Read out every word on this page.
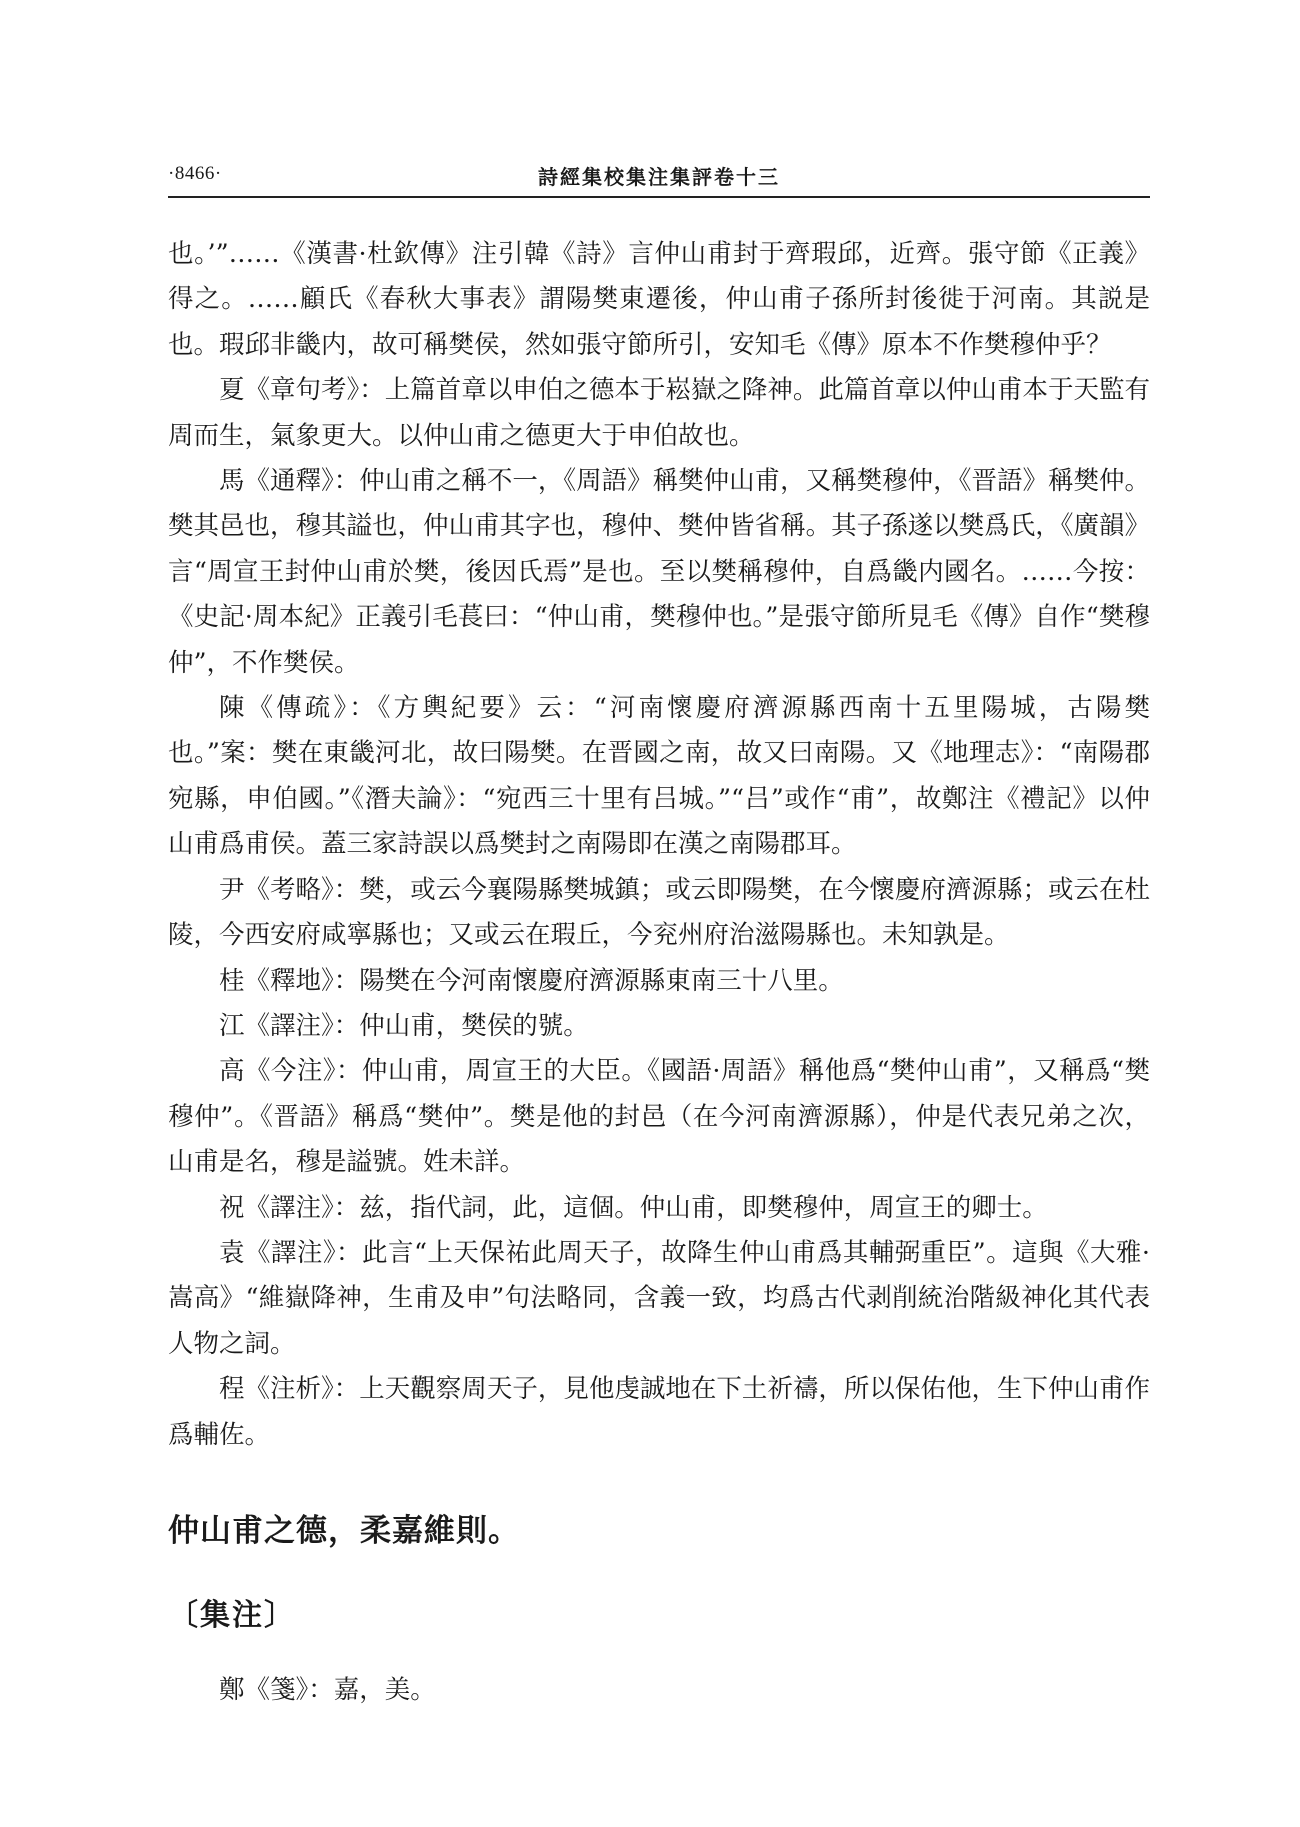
·8466·	詩經集校集注集評卷十三

也。’”……《漢書·杜欽傳》注引韓《詩》言仲山甫封于齊瑕邱，近齊。張守節《正義》得之。……顧氏《春秋大事表》謂陽樊東遷後，仲山甫子孫所封後徙于河南。其説是也。瑕邱非畿内，故可稱樊侯，然如張守節所引，安知毛《傳》原本不作樊穆仲乎？

夏《章句考》：上篇首章以申伯之德本于崧嶽之降神。此篇首章以仲山甫本于天監有周而生，氣象更大。以仲山甫之德更大于申伯故也。

馬《通釋》：仲山甫之稱不一，《周語》稱樊仲山甫，又稱樊穆仲，《晋語》稱樊仲。樊其邑也，穆其謚也，仲山甫其字也，穆仲、樊仲皆省稱。其子孫遂以樊爲氏，《廣韻》言“周宣王封仲山甫於樊，後因氏焉”是也。至以樊稱穆仲，自爲畿内國名。……今按：《史記·周本紀》正義引毛萇曰：“仲山甫，樊穆仲也。”是張守節所見毛《傳》自作“樊穆仲”，不作樊侯。

陳《傳疏》：《方輿紀要》云：“河南懷慶府濟源縣西南十五里陽城，古陽樊也。”案：樊在東畿河北，故曰陽樊。在晋國之南，故又曰南陽。又《地理志》：“南陽郡宛縣，申伯國。”《潛夫論》：“宛西三十里有吕城。”“吕”或作“甫”，故鄭注《禮記》以仲山甫爲甫侯。蓋三家詩誤以爲樊封之南陽即在漢之南陽郡耳。

尹《考略》：樊，或云今襄陽縣樊城鎮；或云即陽樊，在今懷慶府濟源縣；或云在杜陵，今西安府咸寧縣也；又或云在瑕丘，今兖州府治滋陽縣也。未知孰是。

桂《釋地》：陽樊在今河南懷慶府濟源縣東南三十八里。

江《譯注》：仲山甫，樊侯的號。

高《今注》：仲山甫，周宣王的大臣。《國語·周語》稱他爲“樊仲山甫”，又稱爲“樊穆仲”。《晋語》稱爲“樊仲”。樊是他的封邑（在今河南濟源縣），仲是代表兄弟之次，山甫是名，穆是謚號。姓未詳。

祝《譯注》：兹，指代詞，此，這個。仲山甫，即樊穆仲，周宣王的卿士。

袁《譯注》：此言“上天保祐此周天子，故降生仲山甫爲其輔弼重臣”。這與《大雅·嵩高》“維嶽降神，生甫及申”句法略同，含義一致，均爲古代剥削統治階級神化其代表人物之詞。

程《注析》：上天觀察周天子，見他虔誠地在下土祈禱，所以保佑他，生下仲山甫作爲輔佐。

仲山甫之德，柔嘉維則。
〔集注〕

鄭《箋》：嘉，美。
